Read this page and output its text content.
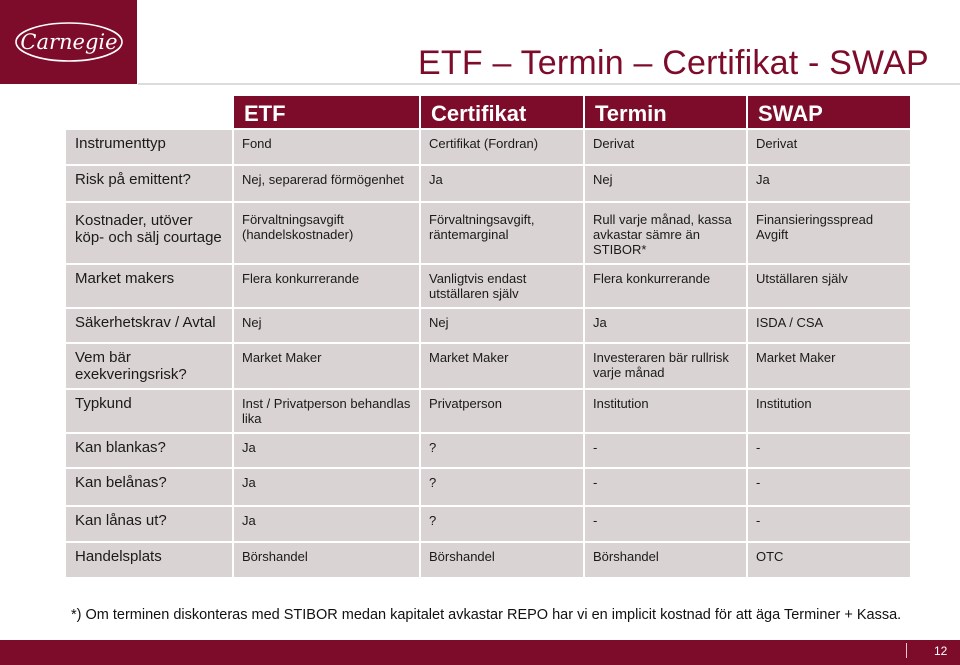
Carnegie
ETF – Termin – Certifikat - SWAP
	ETF	Certifikat	Termin	SWAP
Instrumenttyp	Fond	Certifikat (Fordran)	Derivat	Derivat
Risk på emittent?	Nej, separerad förmögenhet	Ja	Nej	Ja
Kostnader, utöver köp- och sälj courtage	Förvaltningsavgift (handelskostnader)	Förvaltningsavgift, räntemarginal	Rull varje månad, kassa avkastar sämre än STIBOR*	Finansieringsspread Avgift
Market makers	Flera konkurrerande	Vanligtvis endast utställaren själv	Flera konkurrerande	Utställaren själv
Säkerhetskrav / Avtal	Nej	Nej	Ja	ISDA / CSA
Vem bär exekveringsrisk?	Market Maker	Market Maker	Investeraren bär rullrisk varje månad	Market Maker
Typkund	Inst / Privatperson behandlas lika	Privatperson	Institution	Institution
Kan blankas?	Ja	?	-	-
Kan belånas?	Ja	?	-	-
Kan lånas ut?	Ja	?	-	-
Handelsplats	Börshandel	Börshandel	Börshandel	OTC
*) Om terminen diskonteras med STIBOR medan kapitalet avkastar REPO har vi en implicit kostnad för att äga Terminer + Kassa.
12
